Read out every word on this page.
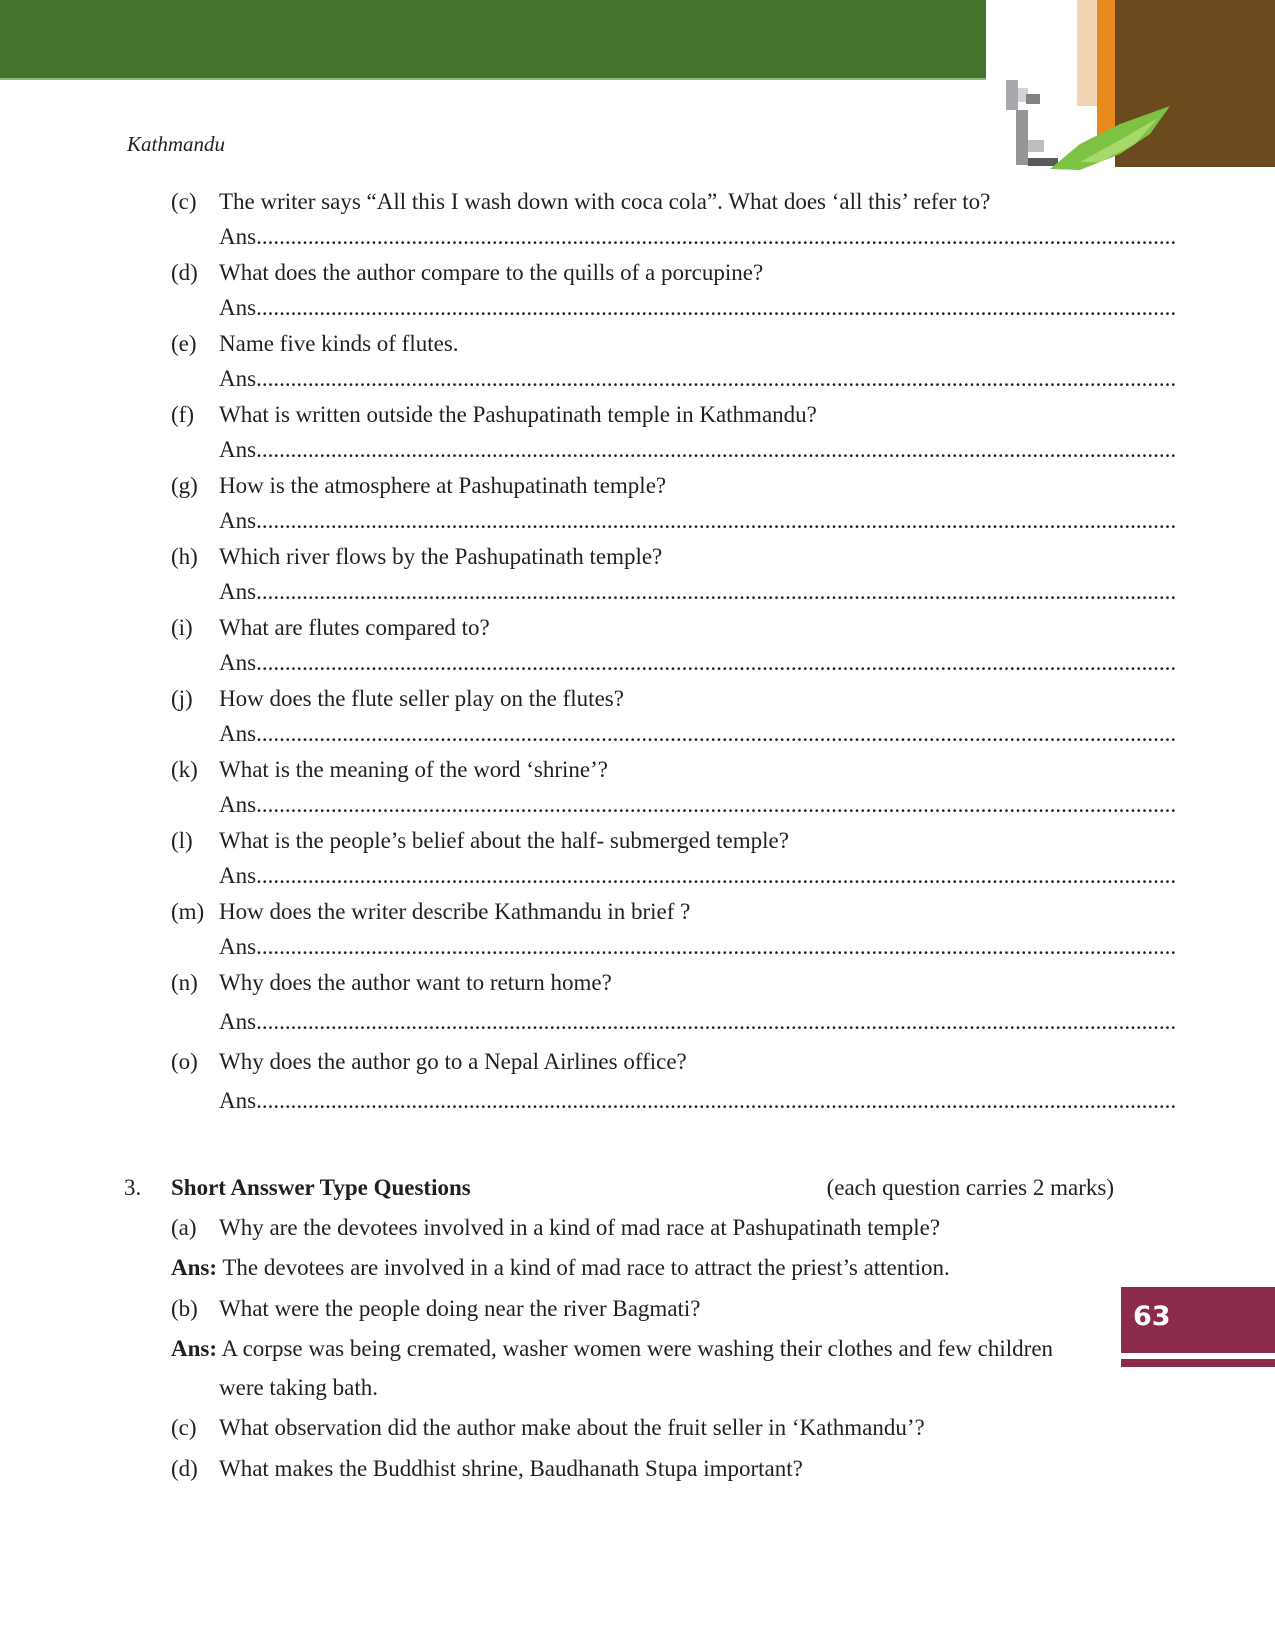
Kathmandu
(c) The writer says “All this I wash down with coca cola”. What does ‘all this’ refer to?
Ans................................................................................................................................................................
(d) What does the author compare to the quills of a porcupine?
Ans................................................................................................................................................................
(e) Name five kinds of flutes.
Ans................................................................................................................................................................
(f) What is written outside the Pashupatinath temple in Kathmandu?
Ans................................................................................................................................................................
(g) How is the atmosphere at Pashupatinath temple?
Ans................................................................................................................................................................
(h) Which river flows by the Pashupatinath temple?
Ans................................................................................................................................................................
(i) What are flutes compared to?
Ans................................................................................................................................................................
(j) How does the flute seller play on the flutes?
Ans................................................................................................................................................................
(k) What is the meaning of the word ‘shrine’?
Ans................................................................................................................................................................
(l) What is the people’s belief about the half- submerged temple?
Ans................................................................................................................................................................
(m) How does the writer describe Kathmandu in brief ?
Ans................................................................................................................................................................
(n) Why does the author want to return home?
Ans................................................................................................................................................................
(o) Why does the author go to a Nepal Airlines office?
Ans................................................................................................................................................................
3. Short Ansswer Type Questions	(each question carries 2 marks)
(a) Why are the devotees involved in a kind of mad race at Pashupatinath temple?
Ans: The devotees are involved in a kind of mad race to attract the priest’s attention.
(b) What were the people doing near the river Bagmati?
Ans: A corpse was being cremated, washer women were washing their clothes and few children
were taking bath.
(c) What observation did the author make about the fruit seller in ‘Kathmandu’?
(d) What makes the Buddhist shrine, Baudhanath Stupa important?
63
